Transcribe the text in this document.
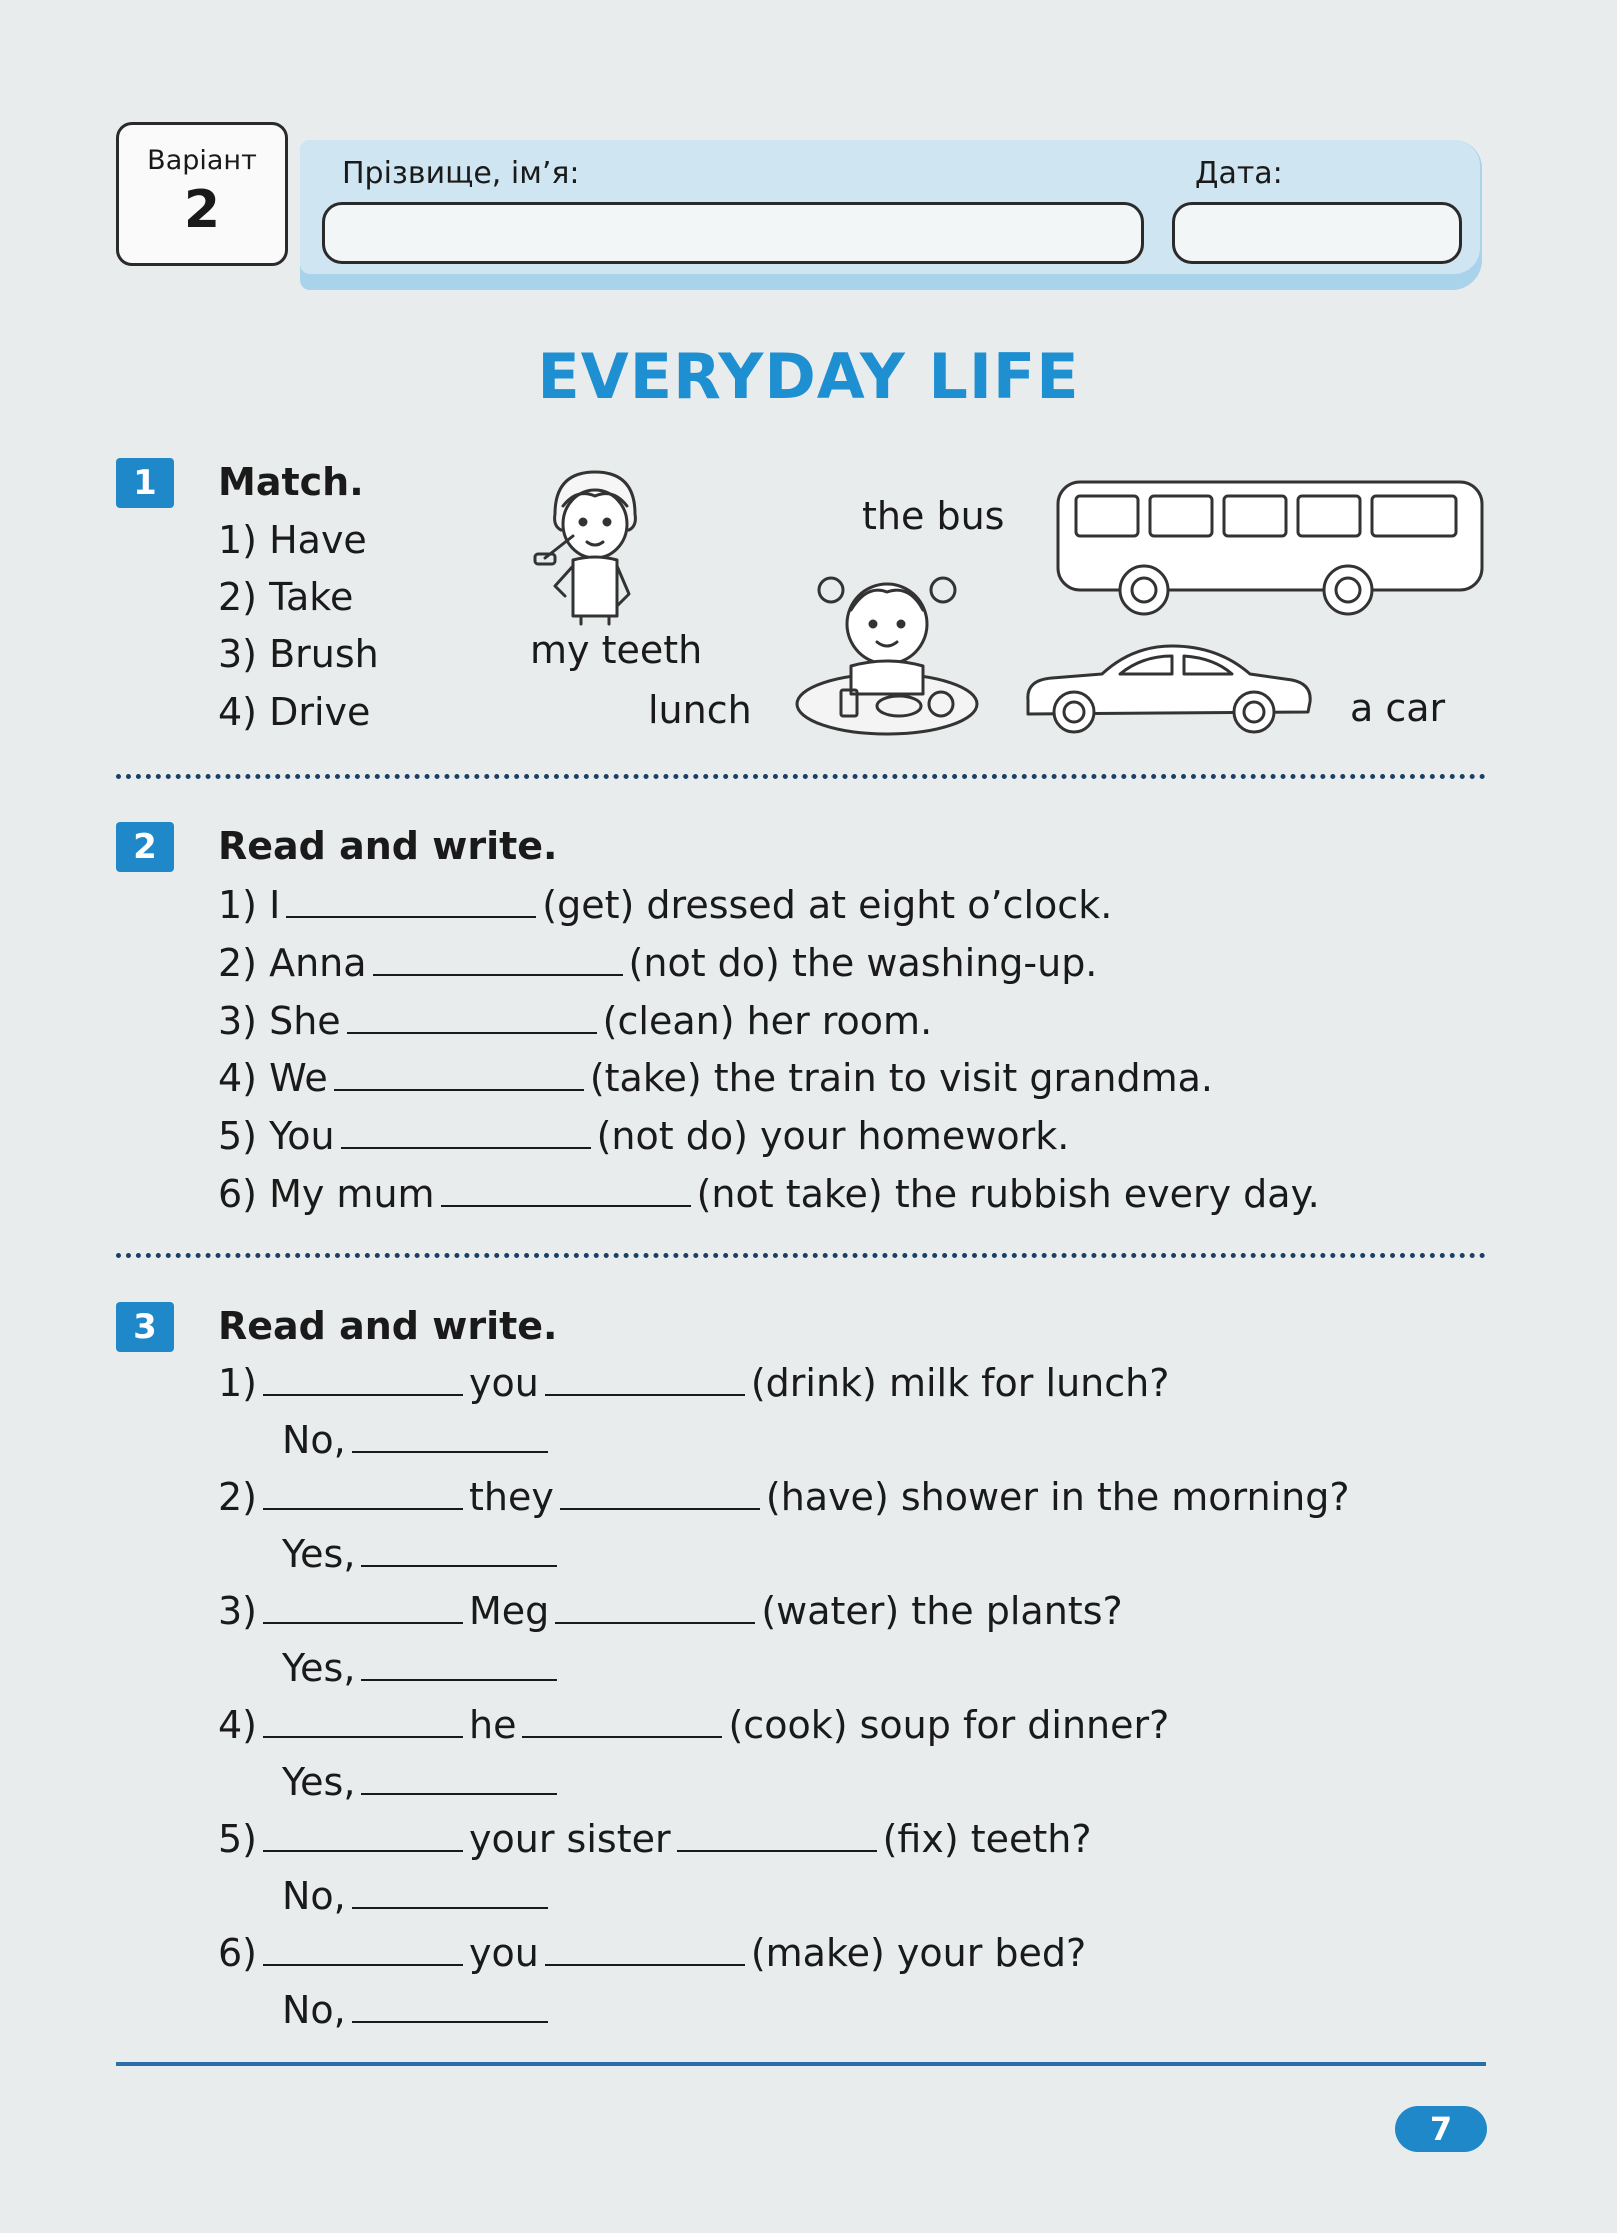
Варіант
2
Прізвище, ім’я:	Дата:
EVERYDAY LIFE
1	Match.
1) Have
2) Take
3) Brush
4) Drive
the bus
my teeth
lunch	a car
2	Read and write.
1) I	(get) dressed at eight o’clock.
2) Anna	(not do) the washing-up.
3) She	(clean) her room.
4) We	(take) the train to visit grandma.
5) You	(not do) your homework.
6) My mum	(not take) the rubbish every day.
3	Read and write.
1)	you	(drink) milk for lunch?
No,
2)	they	(have) shower in the morning?
Yes,
3)	Meg	(water) the plants?
Yes,
4)	he	(cook) soup for dinner?
Yes,
5)	your sister	(fix) teeth?
No,
6)	you	(make) your bed?
No,
7
